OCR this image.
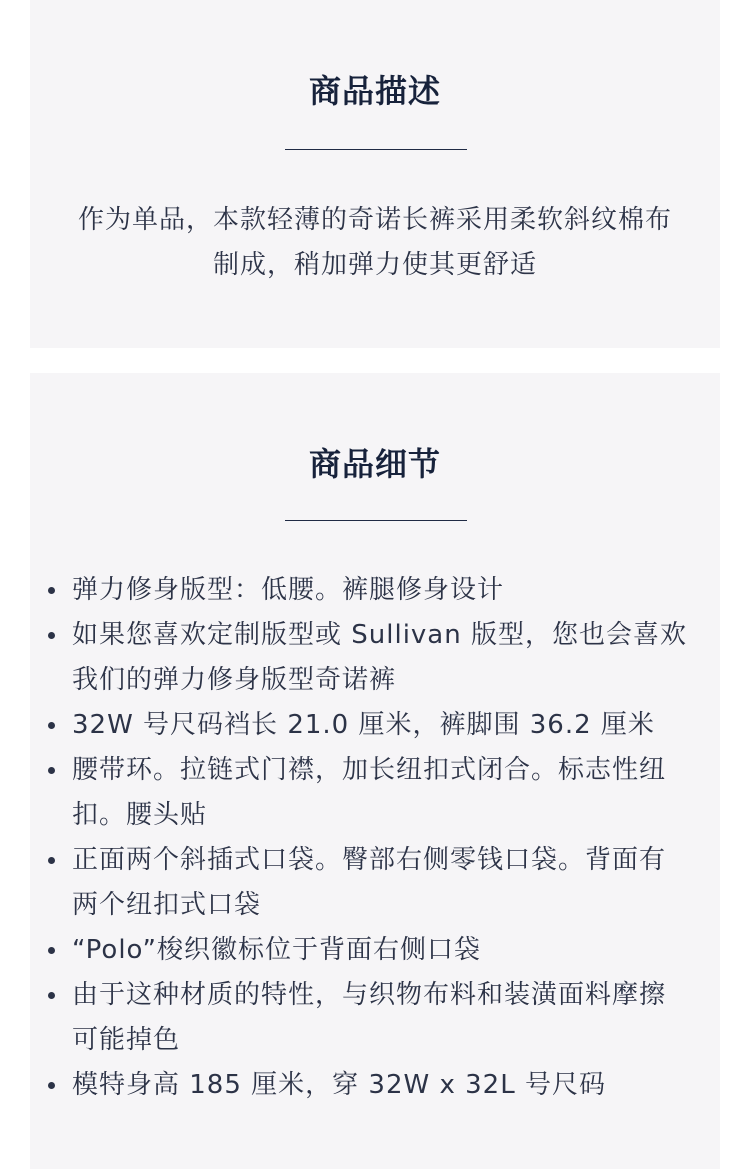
商品描述
作为单品，本款轻薄的奇诺长裤采用柔软斜纹棉布制成，稍加弹力使其更舒适
商品细节
弹力修身版型：低腰。裤腿修身设计
如果您喜欢定制版型或 Sullivan 版型，您也会喜欢我们的弹力修身版型奇诺裤
32W 号尺码裆长 21.0 厘米，裤脚围 36.2 厘米
腰带环。拉链式门襟，加长纽扣式闭合。标志性纽扣。腰头贴
正面两个斜插式口袋。臀部右侧零钱口袋。背面有两个纽扣式口袋
“Polo”梭织徽标位于背面右侧口袋
由于这种材质的特性，与织物布料和装潢面料摩擦可能掉色
模特身高 185 厘米，穿 32W x 32L 号尺码
